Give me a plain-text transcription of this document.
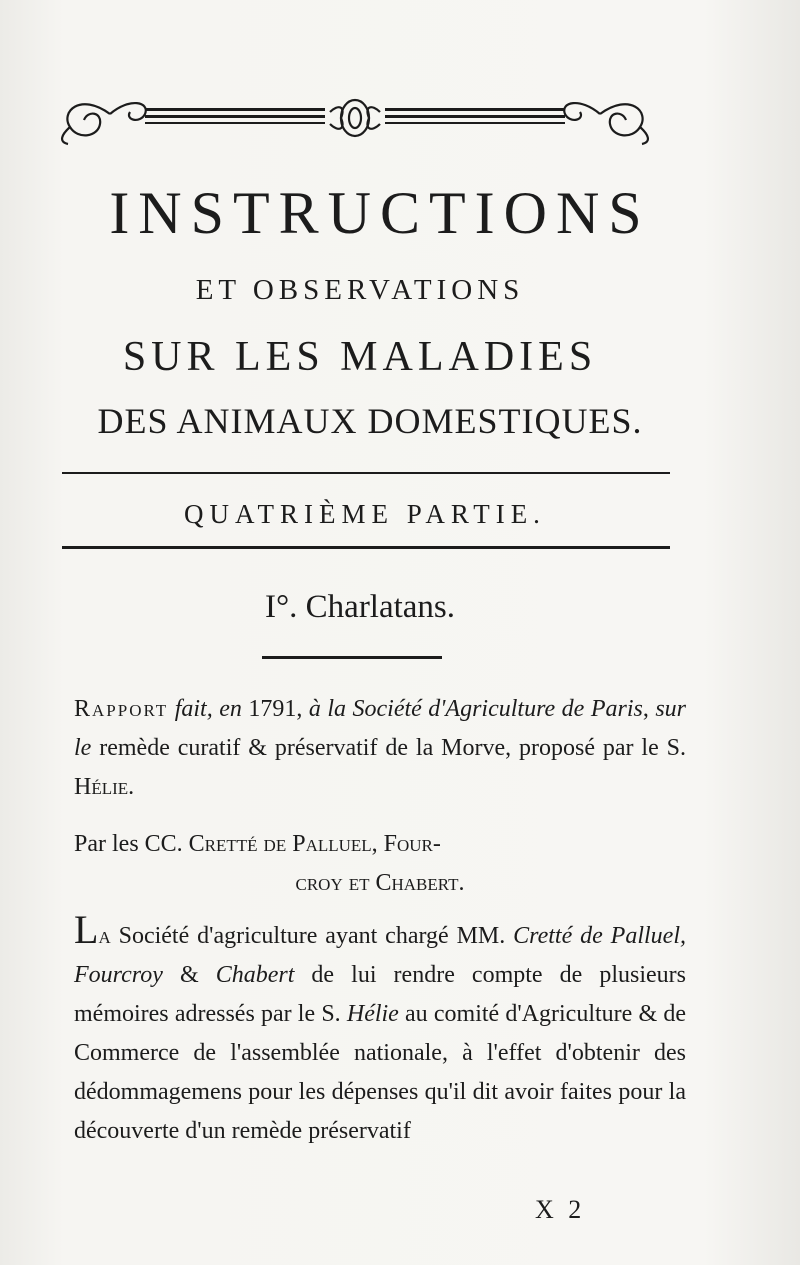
INSTRUCTIONS
ET OBSERVATIONS
SUR LES MALADIES
DES ANIMAUX DOMESTIQUES.
QUATRIÈME PARTIE.
I°. Charlatans.

Rapport fait, en 1791, à la Société d'Agriculture de Paris, sur le remède curatif & préservatif de la Morve, proposé par le S. Hélie.

Par les CC. Cretté de Palluel, Four-
croy et Chabert.

La Société d'agriculture ayant chargé MM. Cretté de Palluel, Fourcroy & Chabert de lui rendre compte de plusieurs mémoires adressés par le S. Hélie au comité d'Agriculture & de Commerce de l'assemblée nationale, à l'effet d'obtenir des dédommagemens pour les dépenses qu'il dit avoir faites pour la découverte d'un remède préservatif

X 2
